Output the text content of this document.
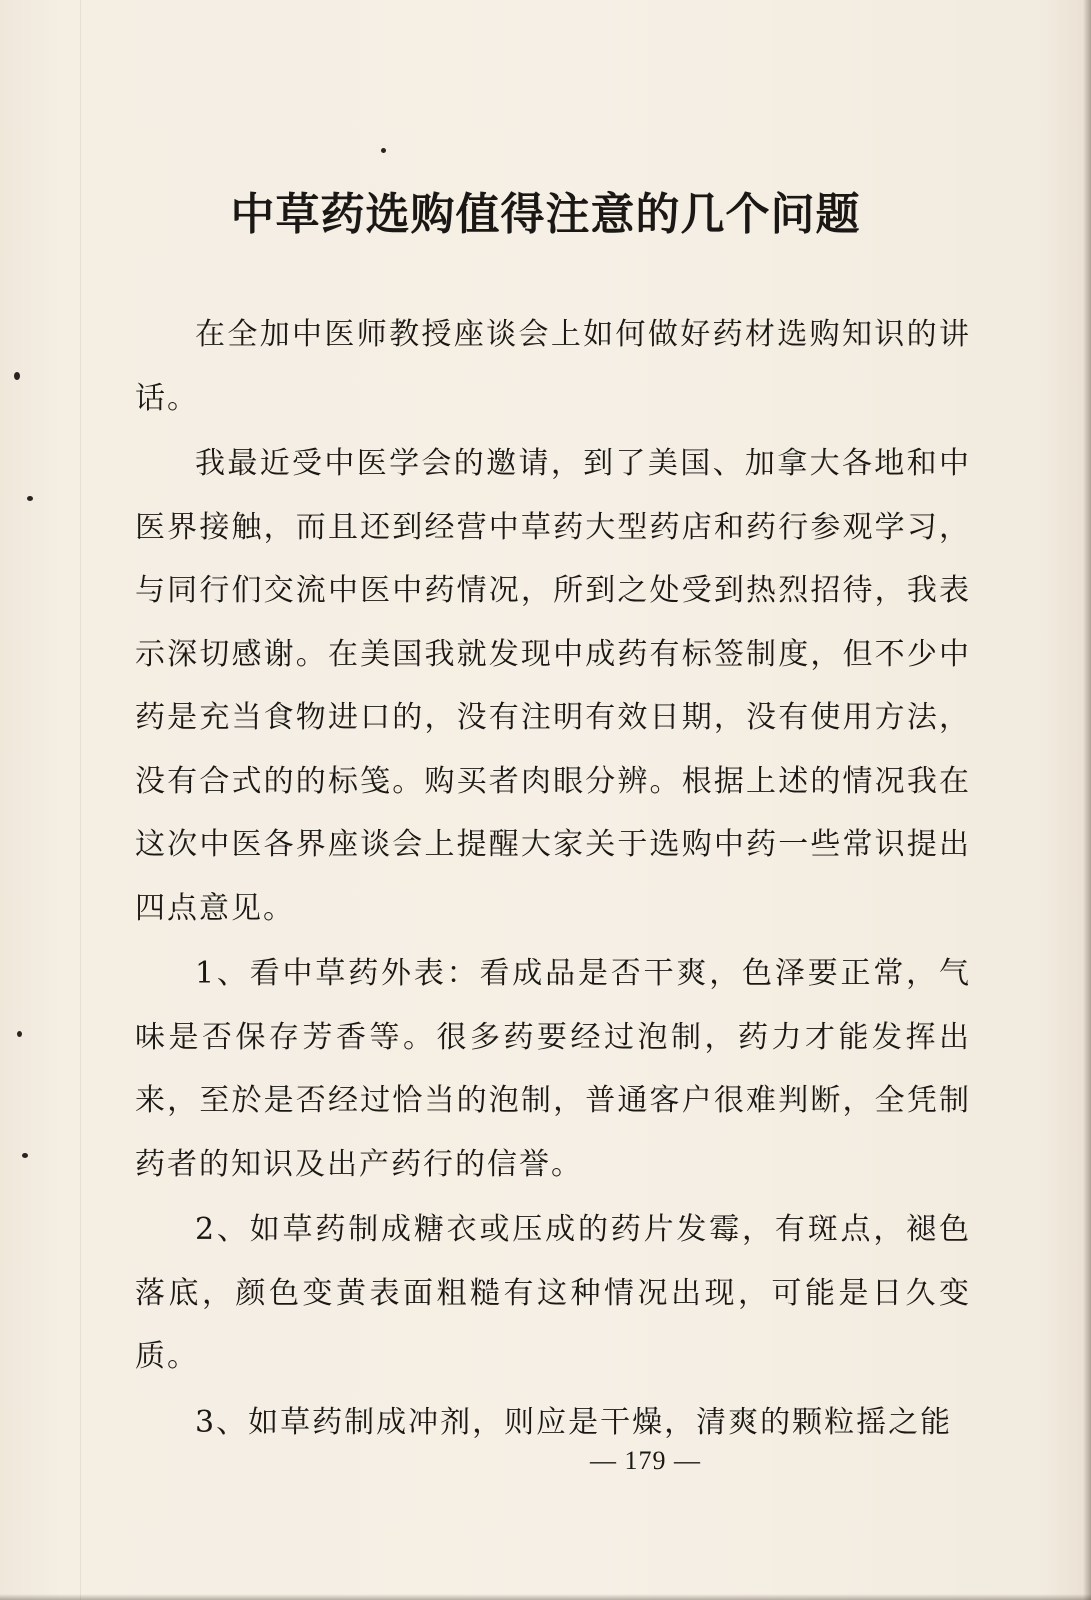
中草药选购值得注意的几个问题

在全加中医师教授座谈会上如何做好药材选购知识的讲话。

我最近受中医学会的邀请，到了美国、加拿大各地和中医界接触，而且还到经营中草药大型药店和药行参观学习，与同行们交流中医中药情况，所到之处受到热烈招待，我表示深切感谢。在美国我就发现中成药有标签制度，但不少中药是充当食物进口的，没有注明有效日期，没有使用方法，没有合式的的标笺。购买者肉眼分辨。根据上述的情况我在这次中医各界座谈会上提醒大家关于选购中药一些常识提出四点意见。

1、看中草药外表：看成品是否干爽，色泽要正常，气味是否保存芳香等。很多药要经过泡制，药力才能发挥出来，至於是否经过恰当的泡制，普通客户很难判断，全凭制药者的知识及出产药行的信誉。

2、如草药制成糖衣或压成的药片发霉，有斑点，褪色落底，颜色变黄表面粗糙有这种情况出现，可能是日久变质。

3、如草药制成冲剂，则应是干燥，清爽的颗粒摇之能

— 179 —
